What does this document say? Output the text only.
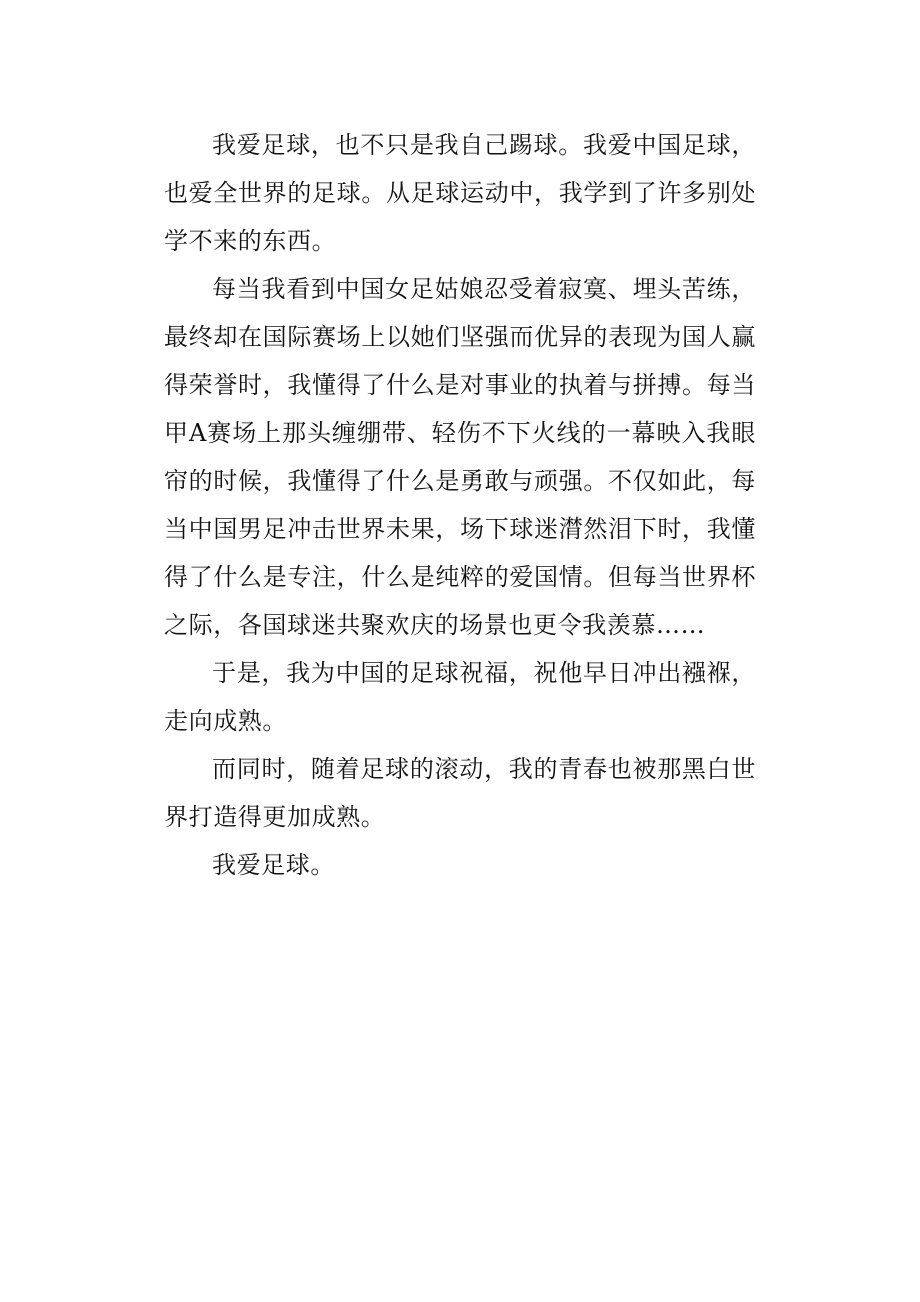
我爱足球，也不只是我自己踢球。我爱中国足球，也爱全世界的足球。从足球运动中，我学到了许多别处学不来的东西。

每当我看到中国女足姑娘忍受着寂寞、埋头苦练，最终却在国际赛场上以她们坚强而优异的表现为国人赢得荣誉时，我懂得了什么是对事业的执着与拼搏。每当甲A赛场上那头缠绷带、轻伤不下火线的一幕映入我眼帘的时候，我懂得了什么是勇敢与顽强。不仅如此，每当中国男足冲击世界未果，场下球迷潸然泪下时，我懂得了什么是专注，什么是纯粹的爱国情。但每当世界杯之际，各国球迷共聚欢庆的场景也更令我羡慕……

于是，我为中国的足球祝福，祝他早日冲出襁褓，走向成熟。

而同时，随着足球的滚动，我的青春也被那黑白世界打造得更加成熟。

我爱足球。
